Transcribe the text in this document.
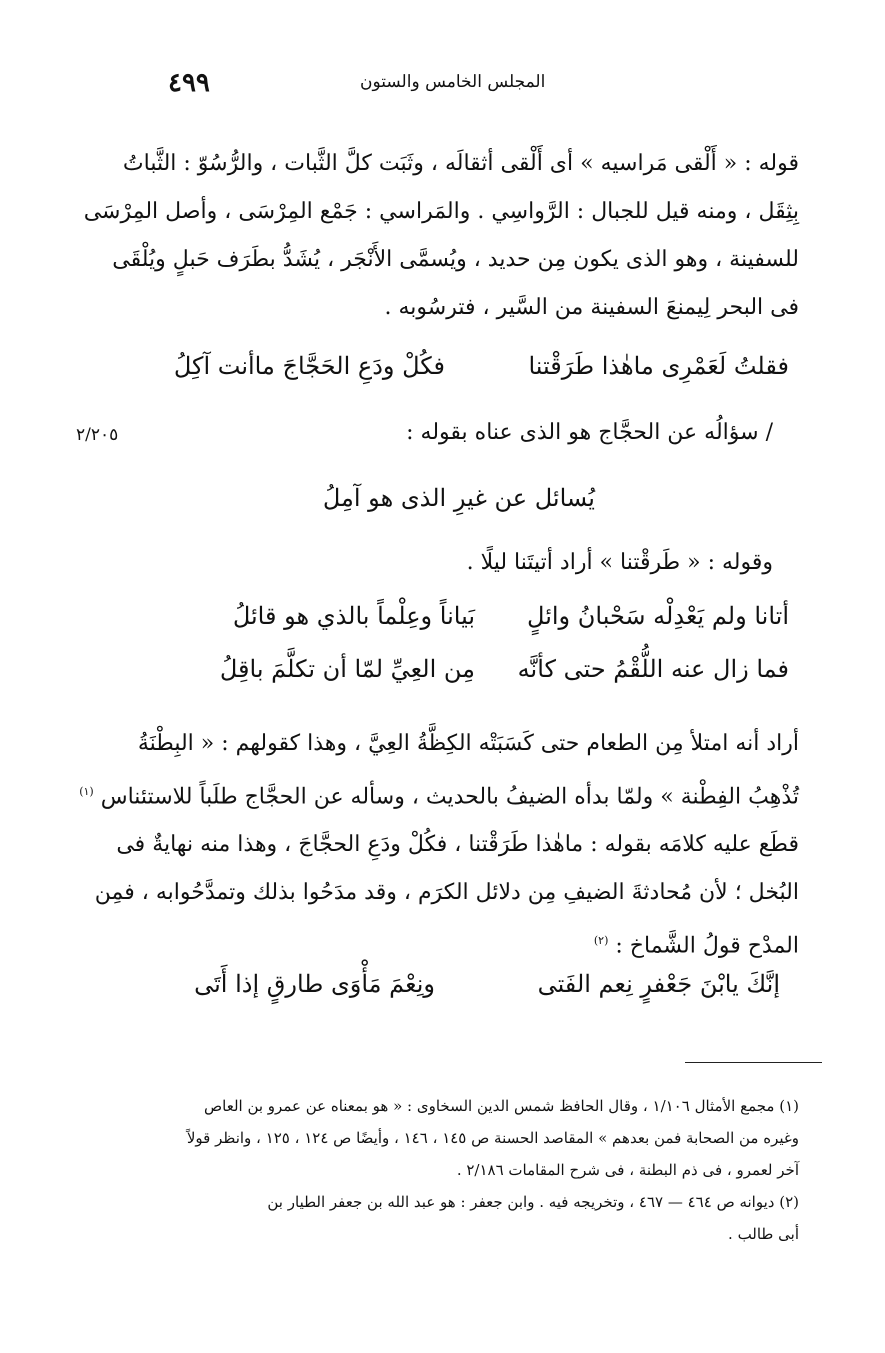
٤٩٩	المجلس الخامس والستون
قوله : « أَلْقى مَراسيه » أى أَلْقى أثقالَه ، وثَبَت كلَّ الثَّبات ، والرُّسُوّ : الثَّباتُ
بِثِقَل ، ومنه قيل للجبال : الرَّواسِي . والمَراسي : جَمْع المِرْسَى ، وأصل المِرْسَى
للسفينة ، وهو الذى يكون مِن حديد ، ويُسمَّى الأَنْجَر ، يُشَدُّ بطَرَف حَبلٍ ويُلْقَى
فى البحر لِيمنعَ السفينة من السَّير ، فترسُوبه .
فقلتُ لَعَمْرِى ماهٰذا طَرَقْتنا
فكُلْ ودَعِ الحَجَّاجَ ماأنت آكِلُ
/ سؤالُه عن الحجَّاج هو الذى عناه بقوله :
٢/٢٠٥
يُسائل عن غيرِ الذى هو آمِلُ
وقوله : « طَرقْتنا » أراد أتيتَنا ليلًا .
أتانا ولم يَعْدِلْه سَحْبانُ وائلٍ
بَياناً وعِلْماً بالذي هو قائلُ
فما زال عنه اللُّقْمُ حتى كأنَّه
مِن العِيِّ لمّا أن تكلَّمَ باقِلُ
أراد أنه امتلأ مِن الطعام حتى كَسَبَتْه الكِظَّةُ العِيَّ ، وهذا كقولهم : « البِطْنَةُ
تُذْهِبُ الفِطْنة » ولمّا بدأه الضيفُ بالحديث ، وسأله عن الحجَّاج طلَباً للاستئناس $^{(١)}$
قطَع عليه كلامَه بقوله : ماهٰذا طَرَقْتنا ، فكُلْ ودَعِ الحجَّاجَ ، وهذا منه نهايةٌ فى
البُخل ؛ لأن مُحادثةَ الضيفِ مِن دلائل الكرَم ، وقد مدَحُوا بذلك وتمدَّحُوابه ، فمِن
المدْح قولُ الشَّماخ : $^{(٢)}$
إنَّكَ يابْنَ جَعْفرٍ نِعم الفَتى
ونِعْمَ مَأْوَى طارقٍ إذا أَتَى
(١) مجمع الأمثال ١/١٠٦ ، وقال الحافظ شمس الدين السخاوى : « هو بمعناه عن عمرو بن العاص
وغيره من الصحابة فمن بعدهم » المقاصد الحسنة ص ١٤٥ ، ١٤٦ ، وأيضًا ص ١٢٤ ، ١٢٥ ، وانظر قولاً
آخر لعمرو ، فى ذم البطنة ، فى شرح المقامات ٢/١٨٦ .
(٢) ديوانه ص ٤٦٤ — ٤٦٧ ، وتخريجه فيه . وابن جعفر : هو عبد الله بن جعفر الطيار بن
أبى طالب .
